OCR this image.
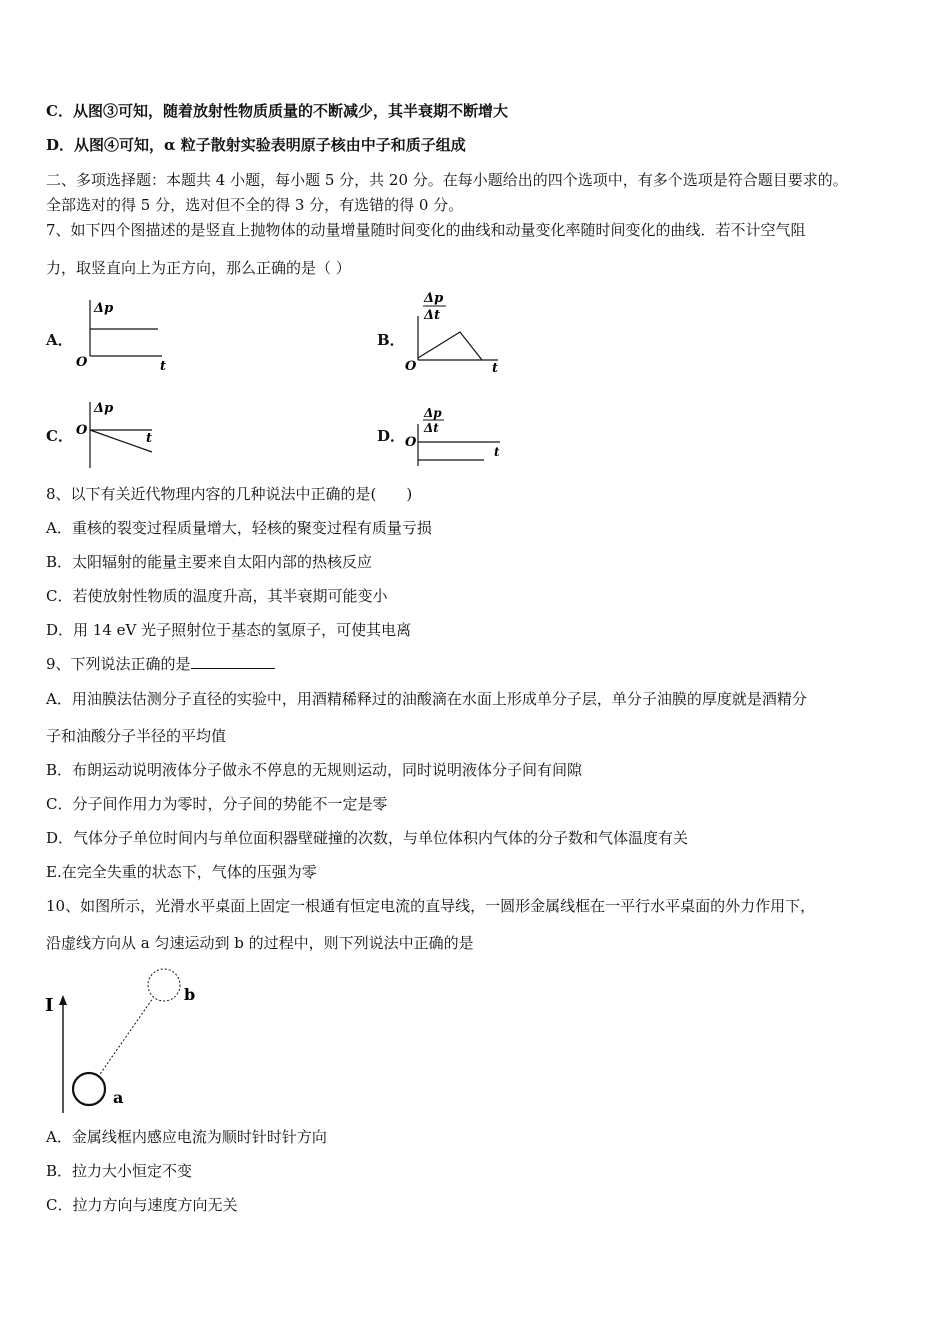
C．从图③可知，随着放射性物质质量的不断减少，其半衰期不断增大
D．从图④可知，α 粒子散射实验表明原子核由中子和质子组成
二、多项选择题：本题共 4 小题，每小题 5 分，共 20 分。在每小题给出的四个选项中，有多个选项是符合题目要求的。
全部选对的得 5 分，选对但不全的得 3 分，有选错的得 0 分。
7、如下四个图描述的是竖直上抛物体的动量增量随时间变化的曲线和动量变化率随时间变化的曲线．若不计空气阻
力，取竖直向上为正方向，那么正确的是（ ）
A．
Δp
O	t
B．
Δp
Δt
O	t
C．
Δp
O
t	D．
Δp
Δt
O
t
8、以下有关近代物理内容的几种说法中正确的是(　　)
A．重核的裂变过程质量增大，轻核的聚变过程有质量亏损
B．太阳辐射的能量主要来自太阳内部的热核反应
C．若使放射性物质的温度升高，其半衰期可能变小
D．用 14 eV 光子照射位于基态的氢原子，可使其电离
9、下列说法正确的是
A．用油膜法估测分子直径的实验中，用酒精稀释过的油酸滴在水面上形成单分子层，单分子油膜的厚度就是酒精分
子和油酸分子半径的平均值
B．布朗运动说明液体分子做永不停息的无规则运动，同时说明液体分子间有间隙
C．分子间作用力为零时，分子间的势能不一定是零
D．气体分子单位时间内与单位面积器壁碰撞的次数，与单位体积内气体的分子数和气体温度有关
E.在完全失重的状态下，气体的压强为零
10、如图所示，光滑水平桌面上固定一根通有恒定电流的直导线，一圆形金属线框在一平行水平桌面的外力作用下，
沿虚线方向从 a 匀速运动到 b 的过程中，则下列说法中正确的是
I
b
a
A．金属线框内感应电流为顺时针时针方向
B．拉力大小恒定不变
C．拉力方向与速度方向无关
